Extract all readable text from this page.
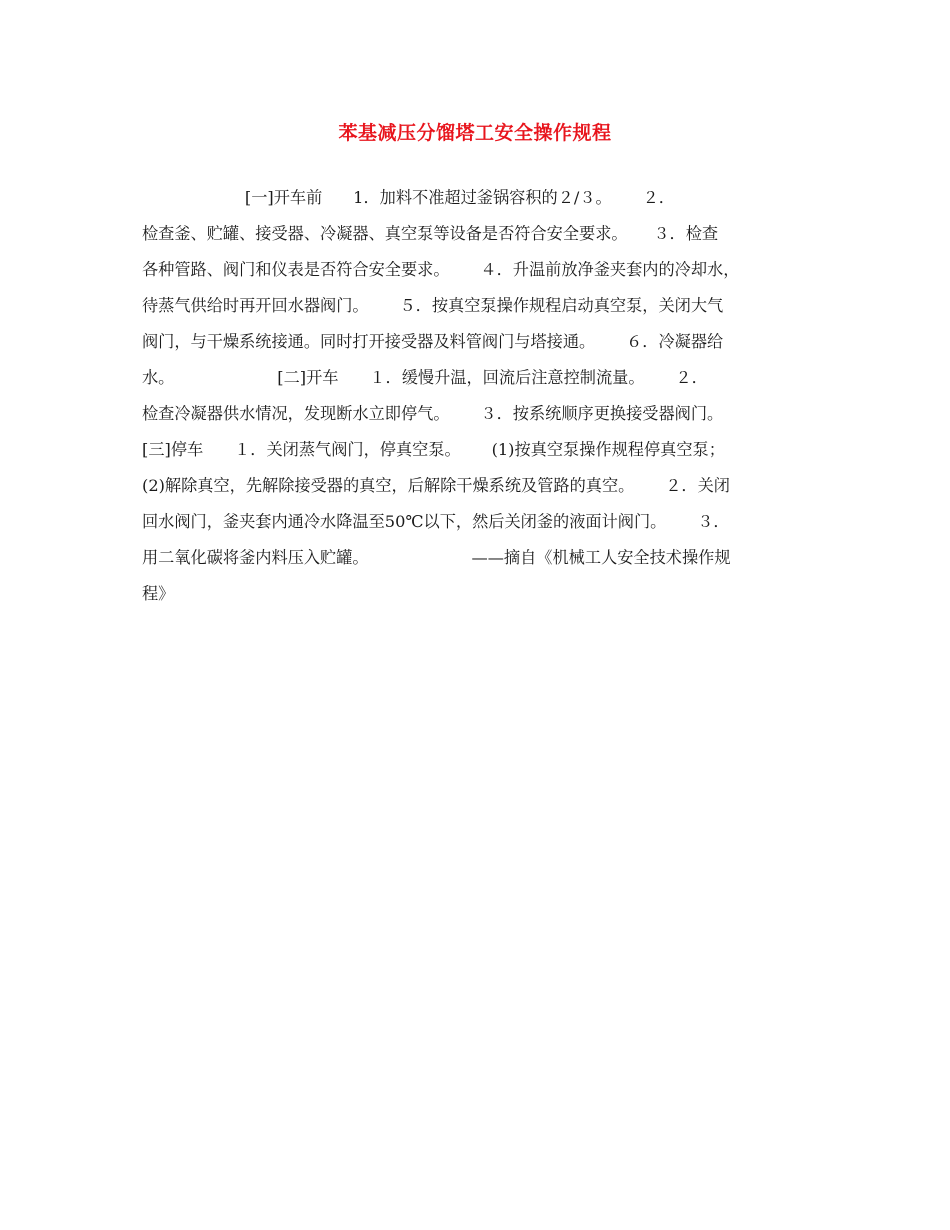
苯基减压分馏塔工安全操作规程
[一]开车前      1．加料不准超过釜锅容积的２/３。      ２．
检查釜、贮罐、接受器、冷凝器、真空泵等设备是否符合安全要求。     ３．检查
各种管路、阀门和仪表是否符合安全要求。      ４．升温前放净釜夹套内的冷却水，
待蒸气供给时再开回水器阀门。      ５．按真空泵操作规程启动真空泵，关闭大气
阀门，与干燥系统接通。同时打开接受器及料管阀门与塔接通。      ６．冷凝器给
水。                    [二]开车      １．缓慢升温，回流后注意控制流量。      ２．
检查冷凝器供水情况，发现断水立即停气。      ３．按系统顺序更换接受器阀门。
[三]停车      １．关闭蒸气阀门，停真空泵。      (1)按真空泵操作规程停真空泵；
(2)解除真空，先解除接受器的真空，后解除干燥系统及管路的真空。      ２．关闭
回水阀门，釜夹套内通冷水降温至50℃以下，然后关闭釜的液面计阀门。      ３．
用二氧化碳将釜内料压入贮罐。                    ——摘自《机械工人安全技术操作规
程》
